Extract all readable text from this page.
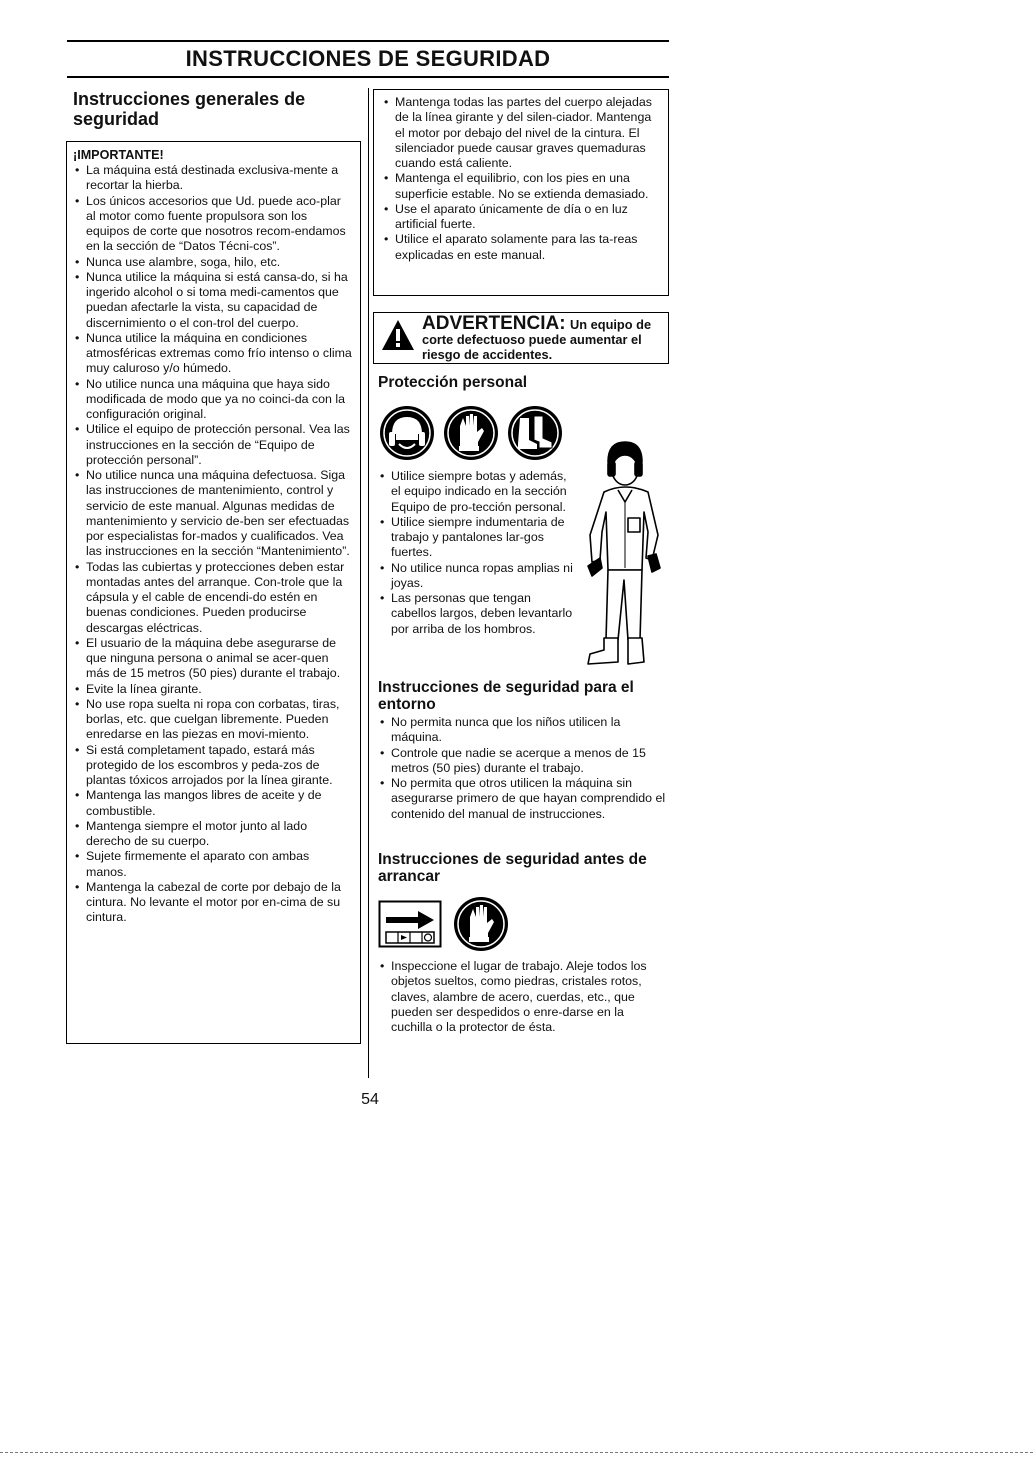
INSTRUCCIONES DE SEGURIDAD
Instrucciones generales de seguridad
¡IMPORTANTE!
• La máquina está destinada exclusiva-mente a recortar la hierba.
• Los únicos accesorios que Ud. puede aco-plar al motor como fuente propulsora son los equipos de corte que nosotros recom-endamos en la sección de “Datos Técni-cos”.
• Nunca use alambre, soga, hilo, etc.
• Nunca utilice la máquina si está cansa-do, si ha ingerido alcohol o si toma medi-camentos que puedan afectarle la vista, su capacidad de discernimiento o el con-trol del cuerpo.
• Nunca utilice la máquina en condiciones atmosféricas extremas como frío intenso o clima muy caluroso y/o húmedo.
• No utilice nunca una máquina que haya sido modificada de modo que ya no coinci-da con la configuración original.
• Utilice el equipo de protección personal. Vea las instrucciones en la sección de “Equipo de protección personal”.
• No utilice nunca una máquina defectuosa. Siga las instrucciones de mantenimiento, control y servicio de este manual. Algunas medidas de mantenimiento y servicio de-ben ser efectuadas por especialistas for-mados y cualificados. Vea las instrucciones en la sección “Mantenimiento”.
• Todas las cubiertas y protecciones deben estar montadas antes del arranque. Con-trole que la cápsula y el cable de encendi-do estén en buenas condiciones. Pueden producirse descargas eléctricas.
• El usuario de la máquina debe asegurarse de que ninguna persona o animal se acer-quen más de 15 metros (50 pies) durante el trabajo.
• Evite la línea girante.
• No use ropa suelta ni ropa con corbatas, tiras, borlas, etc. que cuelgan libremente. Pueden enredarse en las piezas en movi-miento.
• Si está completament tapado, estará más protegido de los escombros y peda-zos de plantas tóxicos arrojados por la línea girante.
• Mantenga las mangos libres de aceite y de combustible.
• Mantenga siempre el motor junto al lado derecho de su cuerpo.
• Sujete firmemente el aparato con ambas manos.
• Mantenga la cabezal de corte por debajo de la cintura. No levante el motor por en-cima de su cintura.
• Mantenga todas las partes del cuerpo alejadas de la línea girante y del silen-ciador. Mantenga el motor por debajo del nivel de la cintura. El silenciador puede causar graves quemaduras cuando está caliente.
• Mantenga el equilibrio, con los pies en una superficie estable. No se extienda demasiado.
• Use el aparato únicamente de día o en luz artificial fuerte.
• Utilice el aparato solamente para las ta-reas explicadas en este manual.
ADVERTENCIA: Un equipo de corte defectuoso puede aumentar el riesgo de accidentes.
Protección personal
• Utilice siempre botas y además, el equipo indicado en la sección Equipo de pro-tección personal.
• Utilice siempre indumentaria de trabajo y pantalones lar-gos fuertes.
• No utilice nunca ropas amplias ni joyas.
• Las personas que tengan cabellos largos, deben levantarlo por arriba de los hombros.
Instrucciones de seguridad para el entorno
• No permita nunca que los niños utilicen la máquina.
• Controle que nadie se acerque a menos de 15 metros (50 pies) durante el trabajo.
• No permita que otros utilicen la máquina sin asegurarse primero de que hayan comprendido el contenido del manual de instrucciones.
Instrucciones de seguridad antes de arrancar
• Inspeccione el lugar de trabajo. Aleje todos los objetos sueltos, como piedras, cristales rotos, claves, alambre de acero, cuerdas, etc., que pueden ser despedidos o enre-darse en la cuchilla o la protector de ésta.
54
